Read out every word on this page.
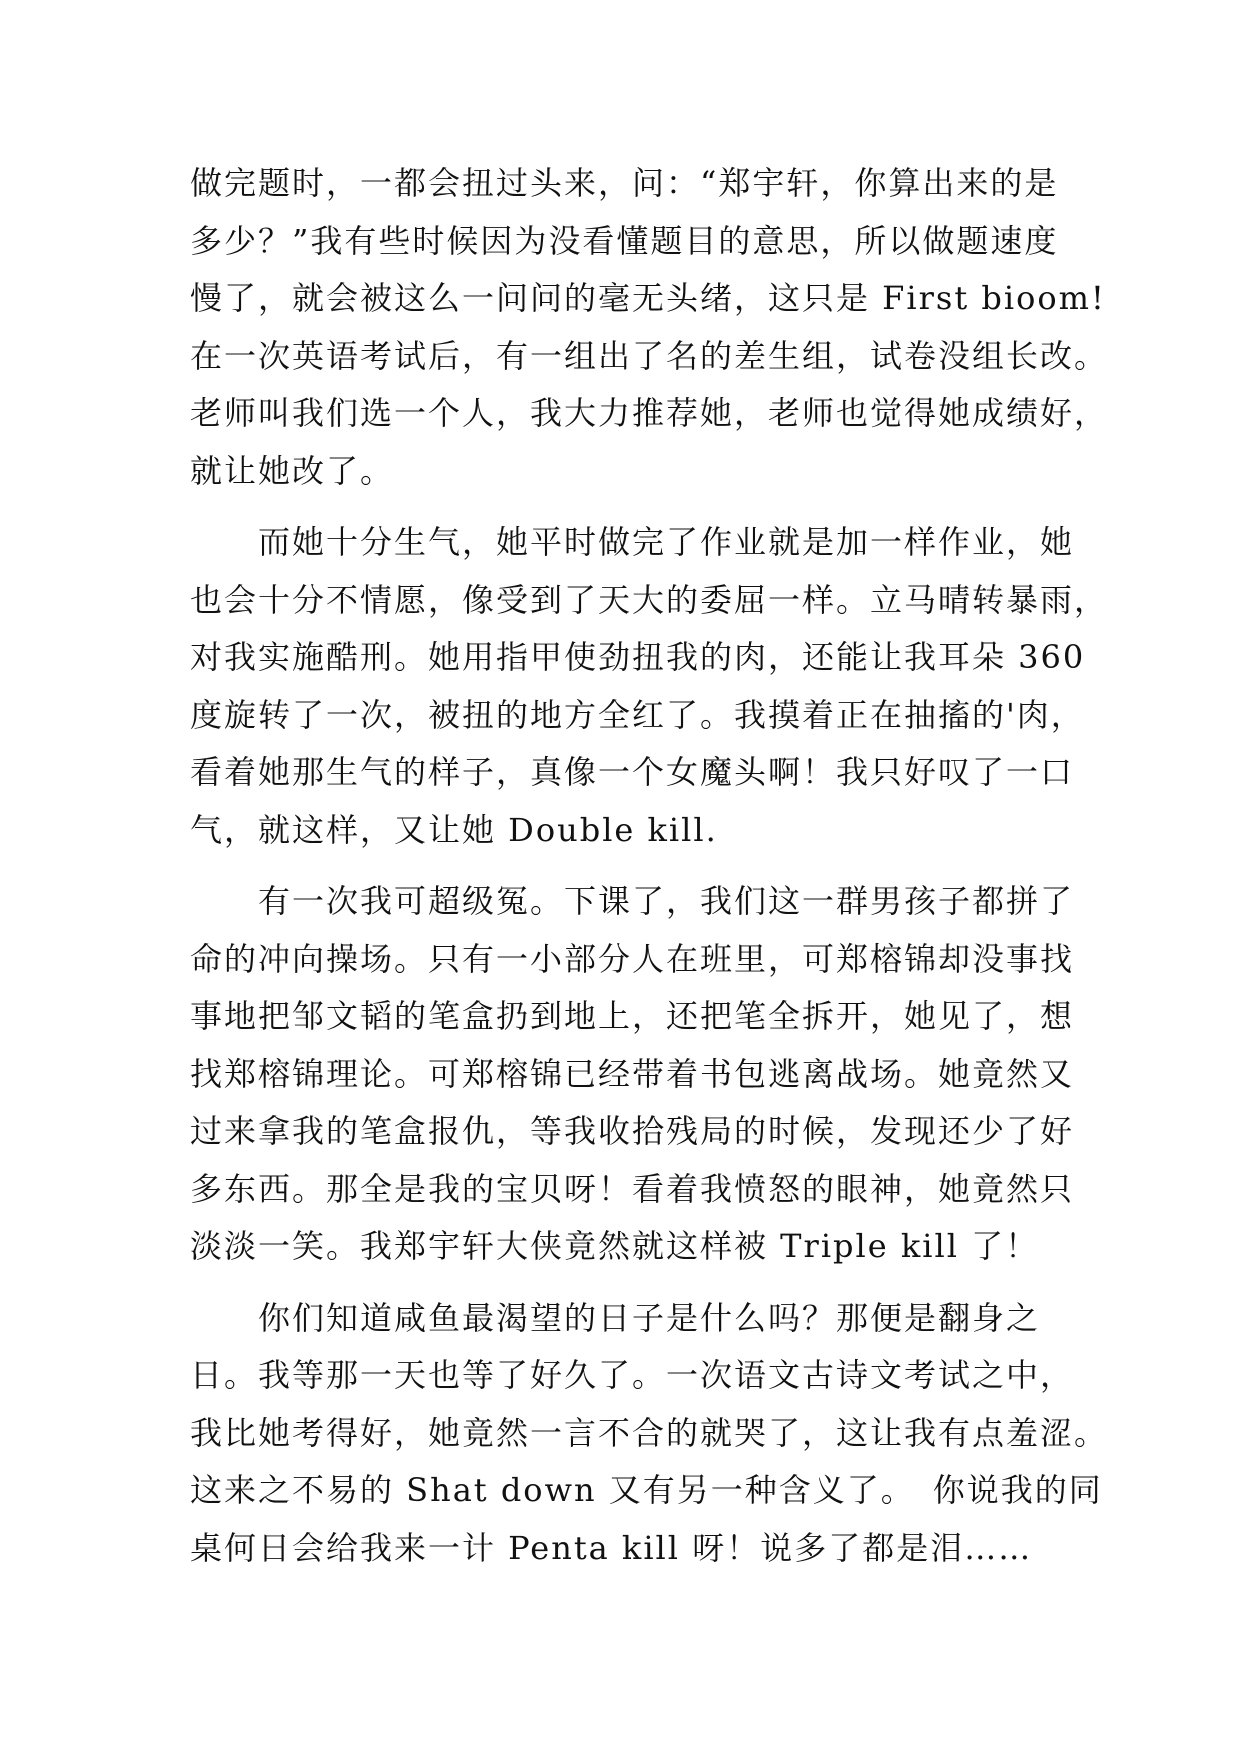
做完题时，一都会扭过头来，问：“郑宇轩，你算出来的是
多少？”我有些时候因为没看懂题目的意思，所以做题速度
慢了，就会被这么一问问的毫无头绪，这只是 First bioom!
在一次英语考试后，有一组出了名的差生组，试卷没组长改。
老师叫我们选一个人，我大力推荐她，老师也觉得她成绩好，
就让她改了。
　　而她十分生气，她平时做完了作业就是加一样作业，她
也会十分不情愿，像受到了天大的委屈一样。立马晴转暴雨，
对我实施酷刑。她用指甲使劲扭我的肉，还能让我耳朵 360
度旋转了一次，被扭的地方全红了。我摸着正在抽搐的'肉，
看着她那生气的样子，真像一个女魔头啊！我只好叹了一口
气，就这样，又让她 Double kill.
　　有一次我可超级冤。下课了，我们这一群男孩子都拼了
命的冲向操场。只有一小部分人在班里，可郑榕锦却没事找
事地把邹文韬的笔盒扔到地上，还把笔全拆开，她见了，想
找郑榕锦理论。可郑榕锦已经带着书包逃离战场。她竟然又
过来拿我的笔盒报仇，等我收拾残局的时候，发现还少了好
多东西。那全是我的宝贝呀！看着我愤怒的眼神，她竟然只
淡淡一笑。我郑宇轩大侠竟然就这样被 Triple kill 了！
　　你们知道咸鱼最渴望的日子是什么吗？那便是翻身之
日。我等那一天也等了好久了。一次语文古诗文考试之中，
我比她考得好，她竟然一言不合的就哭了，这让我有点羞涩。
这来之不易的 Shat down 又有另一种含义了。　你说我的同
桌何日会给我来一计 Penta kill 呀！说多了都是泪……
